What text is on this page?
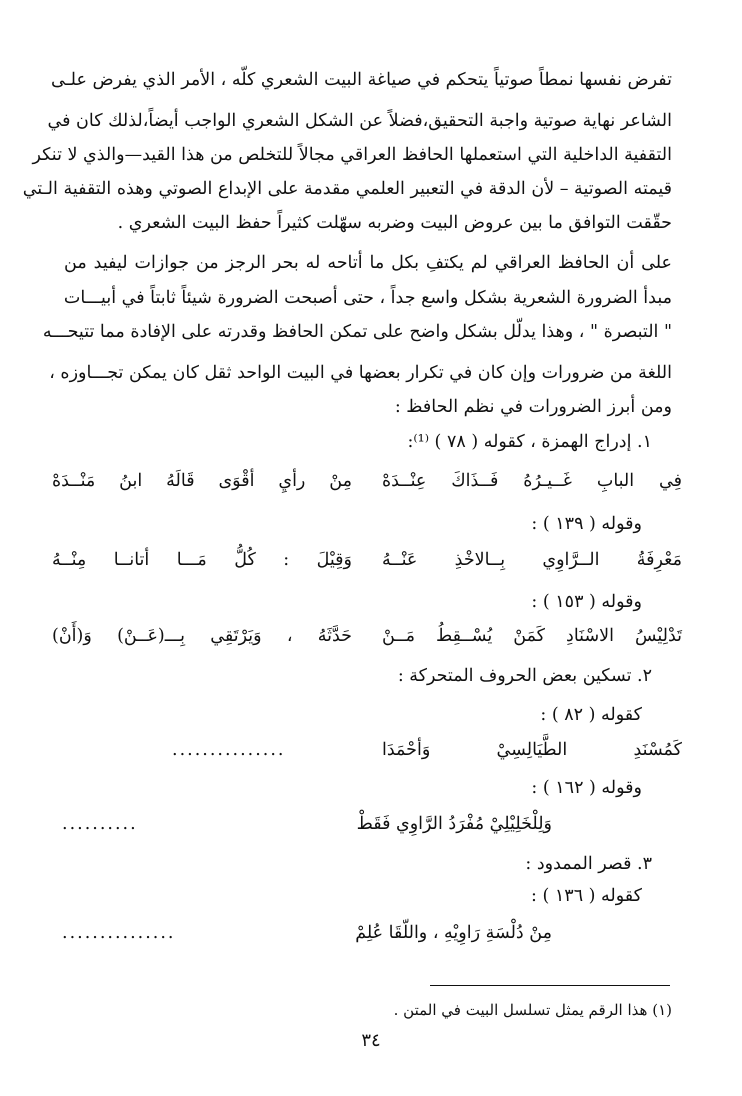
تفرض نفسها نمطاً صوتياً يتحكم في صياغة البيت الشعري كلّه ، الأمر الذي يفرض علـى
الشاعر نهاية صوتية واجبة التحقيق،فضلاً عن الشكل الشعري الواجب أيضاً،لذلك كان في
التقفية الداخلية التي استعملها الحافظ العراقي مجالاً للتخلص من هذا القيد—والذي لا تنكر
قيمته الصوتية – لأن الدقة في التعبير العلمي مقدمة على الإبداع الصوتي وهذه التقفية الـتي
حقّقت التوافق ما بين عروض البيت وضربه سهّلت كثيراً حفظ البيت الشعري .
على أن الحافظ العراقي لم يكتفِ بكل ما أتاحه له بحر الرجز من جوازات ليفيد من
مبدأ الضرورة الشعرية بشكل واسع جداً ، حتى أصبحت الضرورة شيئاً ثابتاً في أبيـــات
" التبصرة " ، وهذا يدلّل بشكل واضح على تمكن الحافظ وقدرته على الإفادة مما تتيحـــه
اللغة من ضرورات وإن كان في تكرار بعضها في البيت الواحد ثقل كان يمكن تجـــاوزه ،
ومن أبرز الضرورات في نظم الحافظ :
١. إدراج الهمزة ، كقوله ( ٧٨ ) ⁽¹⁾:
فِي البابِ غَــيـرُهُ فَــذَاكَ عِنْــدَهْ
مِنْ رأيِ أقْوَى قَالَهُ ابنُ مَنْــدَهْ
وقوله ( ١٣٩ ) :
مَعْرِفَةُ الــرَّاوِي بِــالاخْذِ عَنْــهُ
وَقِيْلَ : كُلُّ مَـــا أتانــا مِنْــهُ
وقوله ( ١٥٣ ) :
تَدْلِيْسُ الاسْنَادِ كَمَنْ يُسْــقِطُ مَــنْ
حَدَّثَهُ ، وَيَرْتَقِي بِـــ(عَــنْ) وَ(أَنْ)
٢. تسكين بعض الحروف المتحركة :
كقوله ( ٨٢ ) :
كَمُسْنَدِ الطَّيَالِسِيْ وَأحْمَدَا
...............
وقوله ( ١٦٢ ) :
..........	وَلِلْخَلِيْلِيْ مُفْرَدُ الرَّاوِي فَقَطْ
٣. قصر الممدود :
كقوله ( ١٣٦ ) :
...............	مِنْ دُلْسَةِ رَاوِيْهِ ، واللّقَا عُلِمْ
(١) هذا الرقم يمثل تسلسل البيت في المتن .
٣٤
